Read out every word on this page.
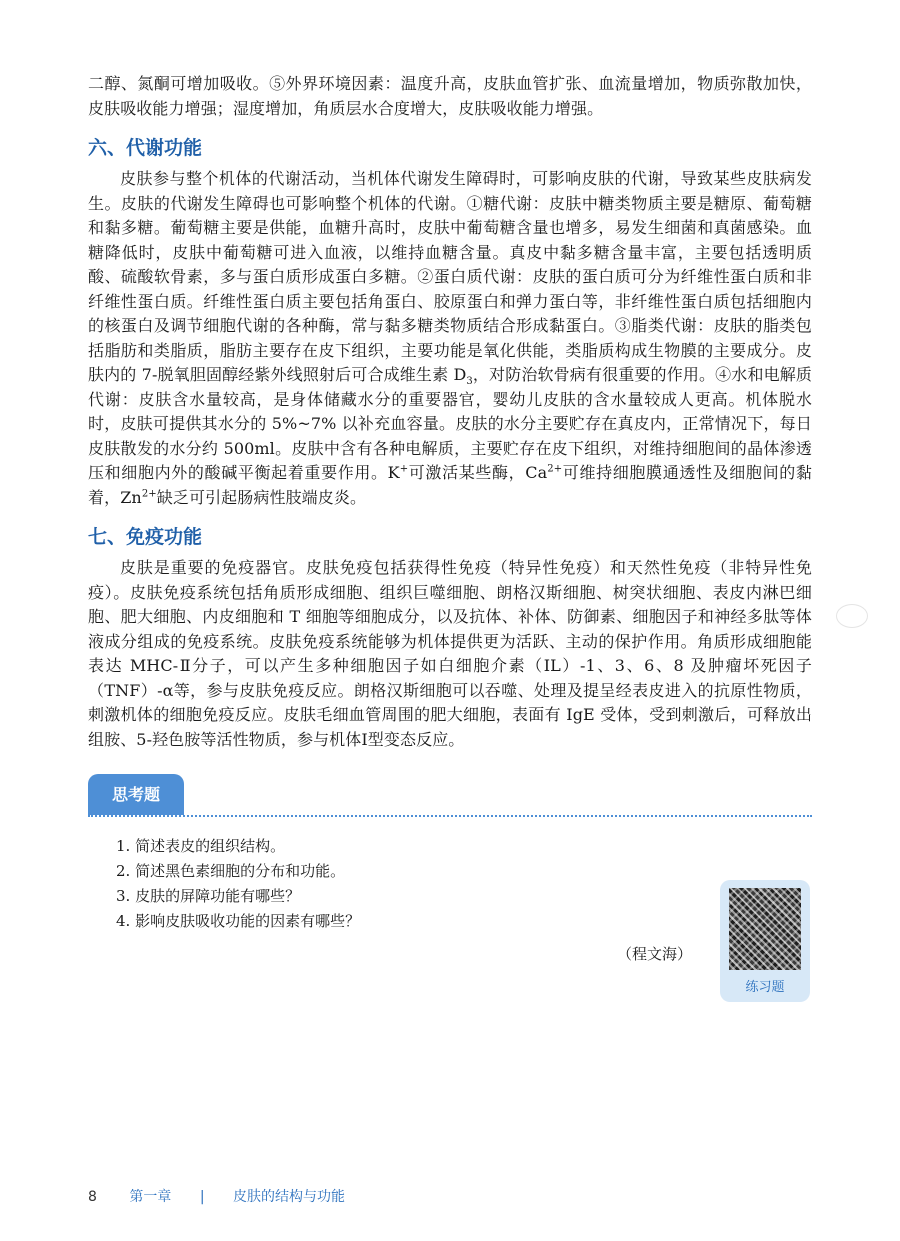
二醇、氮酮可增加吸收。⑤外界环境因素：温度升高，皮肤血管扩张、血流量增加，物质弥散加快，皮肤吸收能力增强；湿度增加，角质层水合度增大，皮肤吸收能力增强。

六、代谢功能

皮肤参与整个机体的代谢活动，当机体代谢发生障碍时，可影响皮肤的代谢，导致某些皮肤病发生。皮肤的代谢发生障碍也可影响整个机体的代谢。①糖代谢：皮肤中糖类物质主要是糖原、葡萄糖和黏多糖。葡萄糖主要是供能，血糖升高时，皮肤中葡萄糖含量也增多，易发生细菌和真菌感染。血糖降低时，皮肤中葡萄糖可进入血液，以维持血糖含量。真皮中黏多糖含量丰富，主要包括透明质酸、硫酸软骨素，多与蛋白质形成蛋白多糖。②蛋白质代谢：皮肤的蛋白质可分为纤维性蛋白质和非纤维性蛋白质。纤维性蛋白质主要包括角蛋白、胶原蛋白和弹力蛋白等，非纤维性蛋白质包括细胞内的核蛋白及调节细胞代谢的各种酶，常与黏多糖类物质结合形成黏蛋白。③脂类代谢：皮肤的脂类包括脂肪和类脂质，脂肪主要存在皮下组织，主要功能是氧化供能，类脂质构成生物膜的主要成分。皮肤内的 7-脱氧胆固醇经紫外线照射后可合成维生素 $D_3$，对防治软骨病有很重要的作用。④水和电解质代谢：皮肤含水量较高，是身体储藏水分的重要器官，婴幼儿皮肤的含水量较成人更高。机体脱水时，皮肤可提供其水分的 5%~7% 以补充血容量。皮肤的水分主要贮存在真皮内，正常情况下，每日皮肤散发的水分约 500ml。皮肤中含有各种电解质，主要贮存在皮下组织，对维持细胞间的晶体渗透压和细胞内外的酸碱平衡起着重要作用。K+可激活某些酶，$Ca^{2+}$可维持细胞膜通透性及细胞间的黏着，$Zn^{2+}$缺乏可引起肠病性肢端皮炎。

七、免疫功能

皮肤是重要的免疫器官。皮肤免疫包括获得性免疫（特异性免疫）和天然性免疫（非特异性免疫）。皮肤免疫系统包括角质形成细胞、组织巨噬细胞、朗格汉斯细胞、树突状细胞、表皮内淋巴细胞、肥大细胞、内皮细胞和 T 细胞等细胞成分，以及抗体、补体、防御素、细胞因子和神经多肽等体液成分组成的免疫系统。皮肤免疫系统能够为机体提供更为活跃、主动的保护作用。角质形成细胞能表达 MHC-Ⅱ分子，可以产生多种细胞因子如白细胞介素（IL）-1、3、6、8 及肿瘤坏死因子（TNF）-α等，参与皮肤免疫反应。朗格汉斯细胞可以吞噬、处理及提呈经表皮进入的抗原性物质，刺激机体的细胞免疫反应。皮肤毛细血管周围的肥大细胞，表面有 IgE 受体，受到刺激后，可释放出组胺、5-羟色胺等活性物质，参与机体Ⅰ型变态反应。

思考题

1. 简述表皮的组织结构。

2. 简述黑色素细胞的分布和功能。

3. 皮肤的屏障功能有哪些？

4. 影响皮肤吸收功能的因素有哪些？

（程文海）

练习题
8 第一章 | 皮肤的结构与功能
